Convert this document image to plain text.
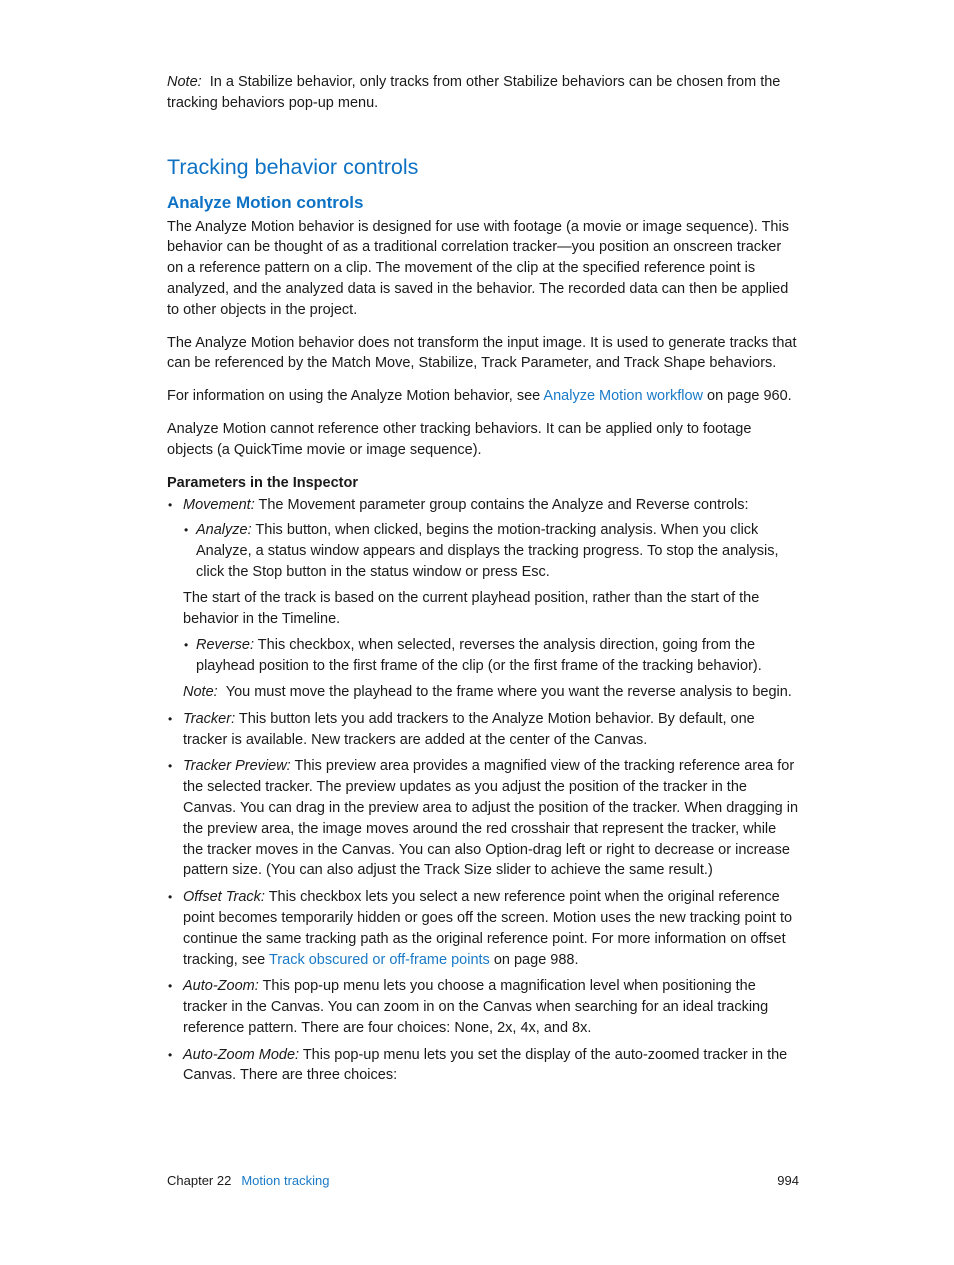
Note: In a Stabilize behavior, only tracks from other Stabilize behaviors can be chosen from the tracking behaviors pop-up menu.

Tracking behavior controls
Analyze Motion controls

The Analyze Motion behavior is designed for use with footage (a movie or image sequence). This behavior can be thought of as a traditional correlation tracker—you position an onscreen tracker on a reference pattern on a clip. The movement of the clip at the specified reference point is analyzed, and the analyzed data is saved in the behavior. The recorded data can then be applied to other objects in the project.

The Analyze Motion behavior does not transform the input image. It is used to generate tracks that can be referenced by the Match Move, Stabilize, Track Parameter, and Track Shape behaviors.

For information on using the Analyze Motion behavior, see Analyze Motion workflow on page 960.

Analyze Motion cannot reference other tracking behaviors. It can be applied only to footage objects (a QuickTime movie or image sequence).

Parameters in the Inspector

• Movement: The Movement parameter group contains the Analyze and Reverse controls:

• Analyze: This button, when clicked, begins the motion-tracking analysis. When you click Analyze, a status window appears and displays the tracking progress. To stop the analysis, click the Stop button in the status window or press Esc.

The start of the track is based on the current playhead position, rather than the start of the behavior in the Timeline.

• Reverse: This checkbox, when selected, reverses the analysis direction, going from the playhead position to the first frame of the clip (or the first frame of the tracking behavior).

Note: You must move the playhead to the frame where you want the reverse analysis to begin.

• Tracker: This button lets you add trackers to the Analyze Motion behavior. By default, one tracker is available. New trackers are added at the center of the Canvas.

• Tracker Preview: This preview area provides a magnified view of the tracking reference area for the selected tracker. The preview updates as you adjust the position of the tracker in the Canvas. You can drag in the preview area to adjust the position of the tracker. When dragging in the preview area, the image moves around the red crosshair that represent the tracker, while the tracker moves in the Canvas. You can also Option-drag left or right to decrease or increase pattern size. (You can also adjust the Track Size slider to achieve the same result.)

• Offset Track: This checkbox lets you select a new reference point when the original reference point becomes temporarily hidden or goes off the screen. Motion uses the new tracking point to continue the same tracking path as the original reference point. For more information on offset tracking, see Track obscured or off-frame points on page 988.

• Auto-Zoom: This pop-up menu lets you choose a magnification level when positioning the tracker in the Canvas. You can zoom in on the Canvas when searching for an ideal tracking reference pattern. There are four choices: None, 2x, 4x, and 8x.

• Auto-Zoom Mode: This pop-up menu lets you set the display of the auto-zoomed tracker in the Canvas. There are three choices:

Chapter 22 Motion tracking	994
